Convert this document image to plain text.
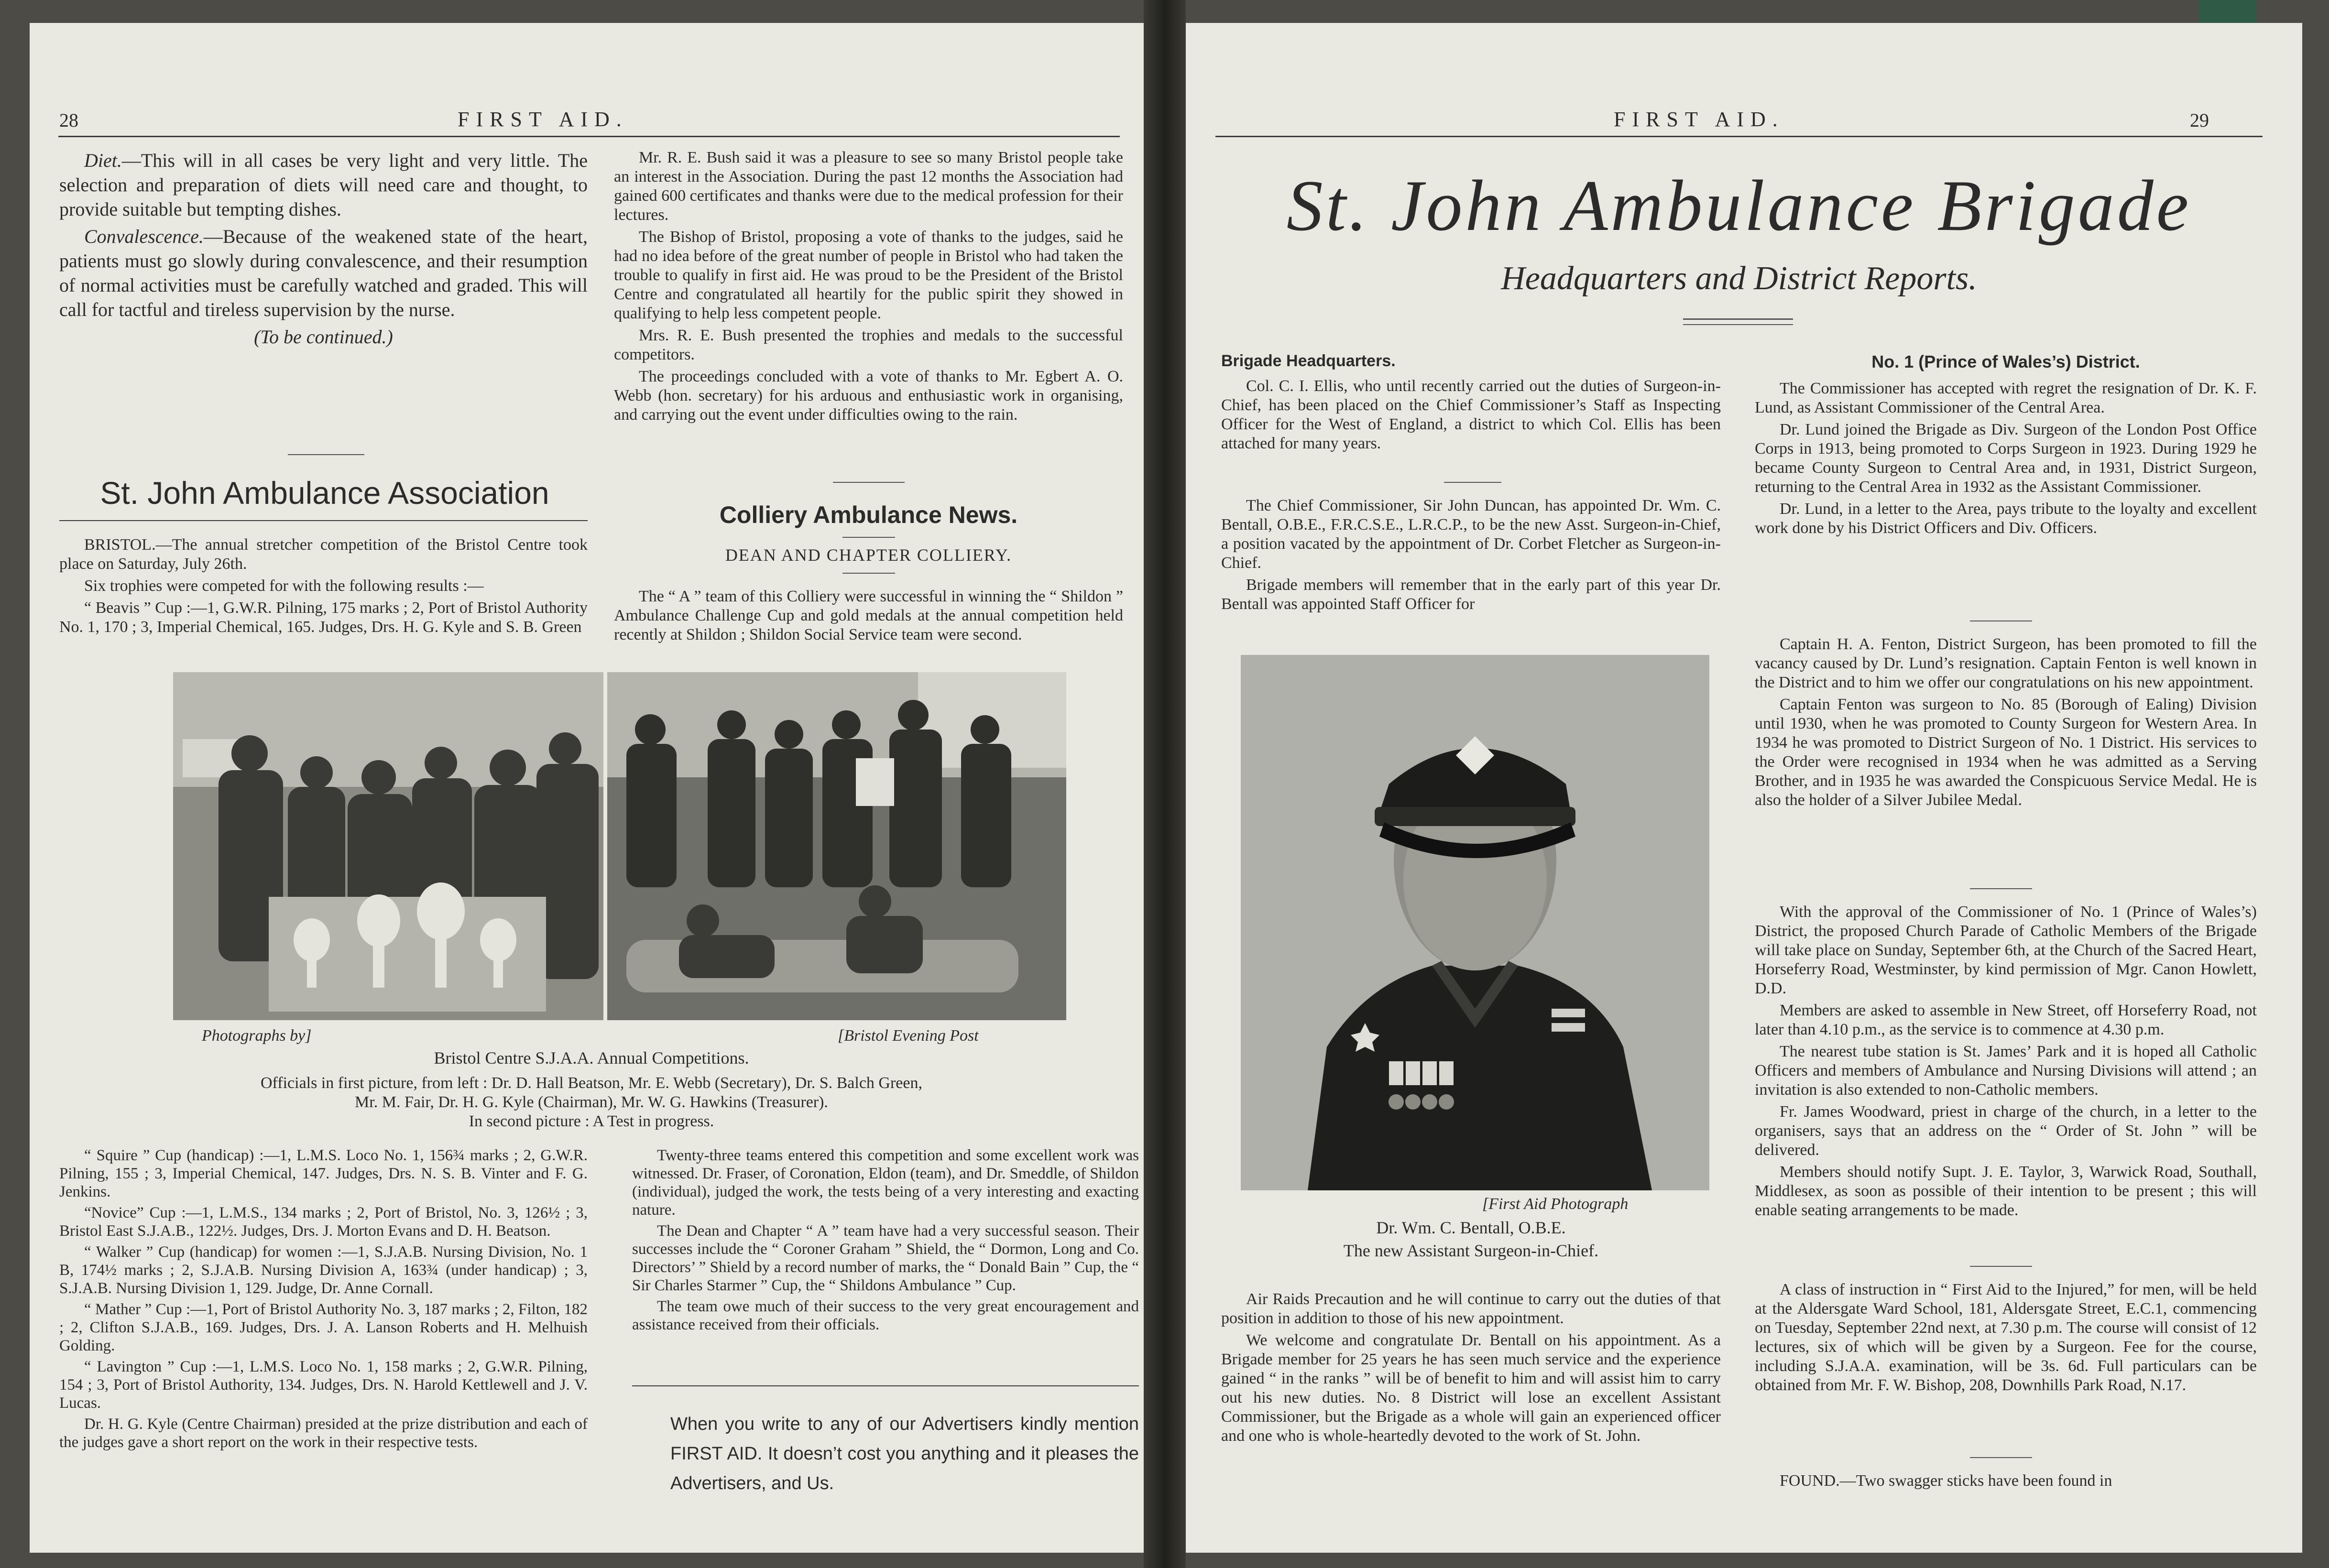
28	FIRST AID.

Diet.—This will in all cases be very light and very little. The selection and preparation of diets will need care and thought, to provide suitable but tempting dishes.

Convalescence.—Because of the weakened state of the heart, patients must go slowly during convalescence, and their resumption of normal activities must be carefully watched and graded. This will call for tactful and tireless supervision by the nurse.

(To be continued.)

St. John Ambulance Association

BRISTOL.—The annual stretcher competition of the Bristol Centre took place on Saturday, July 26th.

Six trophies were competed for with the following results :—

“ Beavis ” Cup :—1, G.W.R. Pilning, 175 marks ; 2, Port of Bristol Authority No. 1, 170 ; 3, Imperial Chemical, 165. Judges, Drs. H. G. Kyle and S. B. Green

Mr. R. E. Bush said it was a pleasure to see so many Bristol people take an interest in the Association. During the past 12 months the Association had gained 600 certificates and thanks were due to the medical profession for their lectures.

The Bishop of Bristol, proposing a vote of thanks to the judges, said he had no idea before of the great number of people in Bristol who had taken the trouble to qualify in first aid. He was proud to be the President of the Bristol Centre and congratulated all heartily for the public spirit they showed in qualifying to help less competent people.

Mrs. R. E. Bush presented the trophies and medals to the successful competitors.

The proceedings concluded with a vote of thanks to Mr. Egbert A. O. Webb (hon. secretary) for his arduous and enthusiastic work in organising, and carrying out the event under difficulties owing to the rain.

Colliery Ambulance News.
DEAN AND CHAPTER COLLIERY.

The “ A ” team of this Colliery were successful in winning the “ Shildon ” Ambulance Challenge Cup and gold medals at the annual competition held recently at Shildon ; Shildon Social Service team were second.

Photographs by]	[Bristol Evening Post
Bristol Centre S.J.A.A. Annual Competitions.
Officials in first picture, from left : Dr. D. Hall Beatson, Mr. E. Webb (Secretary), Dr. S. Balch Green,
Mr. M. Fair, Dr. H. G. Kyle (Chairman), Mr. W. G. Hawkins (Treasurer).
In second picture : A Test in progress.

“ Squire ” Cup (handicap) :—1, L.M.S. Loco No. 1, 156¾ marks ; 2, G.W.R. Pilning, 155 ; 3, Imperial Chemical, 147. Judges, Drs. N. S. B. Vinter and F. G. Jenkins.

“Novice” Cup :—1, L.M.S., 134 marks ; 2, Port of Bristol, No. 3, 126½ ; 3, Bristol East S.J.A.B., 122½. Judges, Drs. J. Morton Evans and D. H. Beatson.

“ Walker ” Cup (handicap) for women :—1, S.J.A.B. Nursing Division, No. 1 B, 174½ marks ; 2, S.J.A.B. Nursing Division A, 163¾ (under handicap) ; 3, S.J.A.B. Nursing Division 1, 129. Judge, Dr. Anne Cornall.

“ Mather ” Cup :—1, Port of Bristol Authority No. 3, 187 marks ; 2, Filton, 182 ; 2, Clifton S.J.A.B., 169. Judges, Drs. J. A. Lanson Roberts and H. Melhuish Golding.

“ Lavington ” Cup :—1, L.M.S. Loco No. 1, 158 marks ; 2, G.W.R. Pilning, 154 ; 3, Port of Bristol Authority, 134. Judges, Drs. N. Harold Kettlewell and J. V. Lucas.

Dr. H. G. Kyle (Centre Chairman) presided at the prize distribution and each of the judges gave a short report on the work in their respective tests.

Twenty-three teams entered this competition and some excellent work was witnessed. Dr. Fraser, of Coronation, Eldon (team), and Dr. Smeddle, of Shildon (individual), judged the work, the tests being of a very interesting and exacting nature.

The Dean and Chapter “ A ” team have had a very successful season. Their successes include the “ Coroner Graham ” Shield, the “ Dormon, Long and Co. Directors’ ” Shield by a record number of marks, the “ Donald Bain ” Cup, the “ Sir Charles Starmer ” Cup, the “ Shildons Ambulance ” Cup.

The team owe much of their success to the very great encouragement and assistance received from their officials.

When you write to any of our Advertisers kindly mention FIRST AID. It doesn’t cost you anything and it pleases the Advertisers, and Us.
FIRST AID.	29
St. John Ambulance Brigade
Headquarters and District Reports.
Brigade Headquarters.

Col. C. I. Ellis, who until recently carried out the duties of Surgeon-in-Chief, has been placed on the Chief Commissioner’s Staff as Inspecting Officer for the West of England, a district to which Col. Ellis has been attached for many years.

The Chief Commissioner, Sir John Duncan, has appointed Dr. Wm. C. Bentall, O.B.E., F.R.C.S.E., L.R.C.P., to be the new Asst. Surgeon-in-Chief, a position vacated by the appointment of Dr. Corbet Fletcher as Surgeon-in-Chief.

Brigade members will remember that in the early part of this year Dr. Bentall was appointed Staff Officer for

[First Aid Photograph
Dr. Wm. C. Bentall, O.B.E.
The new Assistant Surgeon-in-Chief.

Air Raids Precaution and he will continue to carry out the duties of that position in addition to those of his new appointment.

We welcome and congratulate Dr. Bentall on his appointment. As a Brigade member for 25 years he has seen much service and the experience gained “ in the ranks ” will be of benefit to him and will assist him to carry out his new duties. No. 8 District will lose an excellent Assistant Commissioner, but the Brigade as a whole will gain an experienced officer and one who is whole-heartedly devoted to the work of St. John.

No. 1 (Prince of Wales’s) District.

The Commissioner has accepted with regret the resignation of Dr. K. F. Lund, as Assistant Commissioner of the Central Area.

Dr. Lund joined the Brigade as Div. Surgeon of the London Post Office Corps in 1913, being promoted to Corps Surgeon in 1923. During 1929 he became County Surgeon to Central Area and, in 1931, District Surgeon, returning to the Central Area in 1932 as the Assistant Commissioner.

Dr. Lund, in a letter to the Area, pays tribute to the loyalty and excellent work done by his District Officers and Div. Officers.

Captain H. A. Fenton, District Surgeon, has been promoted to fill the vacancy caused by Dr. Lund’s resignation. Captain Fenton is well known in the District and to him we offer our congratulations on his new appointment.

Captain Fenton was surgeon to No. 85 (Borough of Ealing) Division until 1930, when he was promoted to County Surgeon for Western Area. In 1934 he was promoted to District Surgeon of No. 1 District. His services to the Order were recognised in 1934 when he was admitted as a Serving Brother, and in 1935 he was awarded the Conspicuous Service Medal. He is also the holder of a Silver Jubilee Medal.

With the approval of the Commissioner of No. 1 (Prince of Wales’s) District, the proposed Church Parade of Catholic Members of the Brigade will take place on Sunday, September 6th, at the Church of the Sacred Heart, Horseferry Road, Westminster, by kind permission of Mgr. Canon Howlett, D.D.

Members are asked to assemble in New Street, off Horseferry Road, not later than 4.10 p.m., as the service is to commence at 4.30 p.m.

The nearest tube station is St. James’ Park and it is hoped all Catholic Officers and members of Ambulance and Nursing Divisions will attend ; an invitation is also extended to non-Catholic members.

Fr. James Woodward, priest in charge of the church, in a letter to the organisers, says that an address on the “ Order of St. John ” will be delivered.

Members should notify Supt. J. E. Taylor, 3, Warwick Road, Southall, Middlesex, as soon as possible of their intention to be present ; this will enable seating arrangements to be made.

A class of instruction in “ First Aid to the Injured,” for men, will be held at the Aldersgate Ward School, 181, Aldersgate Street, E.C.1, commencing on Tuesday, September 22nd next, at 7.30 p.m. The course will consist of 12 lectures, six of which will be given by a Surgeon. Fee for the course, including S.J.A.A. examination, will be 3s. 6d. Full particulars can be obtained from Mr. F. W. Bishop, 208, Downhills Park Road, N.17.

FOUND.—Two swagger sticks have been found in
